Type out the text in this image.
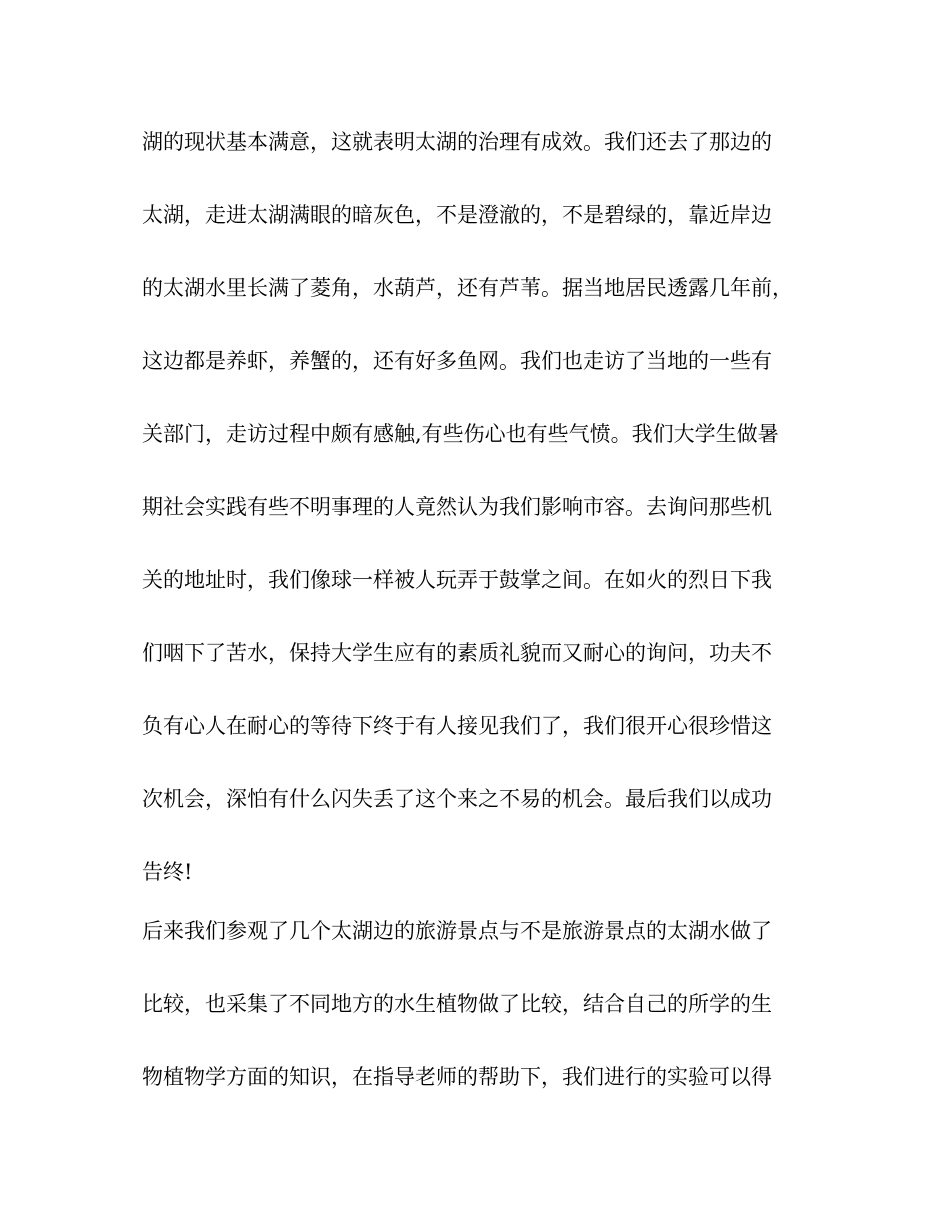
湖的现状基本满意，这就表明太湖的治理有成效。我们还去了那边的

太湖，走进太湖满眼的暗灰色，不是澄澈的，不是碧绿的，靠近岸边

的太湖水里长满了菱角，水葫芦，还有芦苇。据当地居民透露几年前，

这边都是养虾，养蟹的，还有好多鱼网。我们也走访了当地的一些有

关部门，走访过程中颇有感触,有些伤心也有些气愤。我们大学生做暑

期社会实践有些不明事理的人竟然认为我们影响市容。去询问那些机

关的地址时，我们像球一样被人玩弄于鼓掌之间。在如火的烈日下我

们咽下了苦水，保持大学生应有的素质礼貌而又耐心的询问，功夫不

负有心人在耐心的等待下终于有人接见我们了，我们很开心很珍惜这

次机会，深怕有什么闪失丢了这个来之不易的机会。最后我们以成功

告终!

后来我们参观了几个太湖边的旅游景点与不是旅游景点的太湖水做了

比较，也采集了不同地方的水生植物做了比较，结合自己的所学的生

物植物学方面的知识，在指导老师的帮助下，我们进行的实验可以得
